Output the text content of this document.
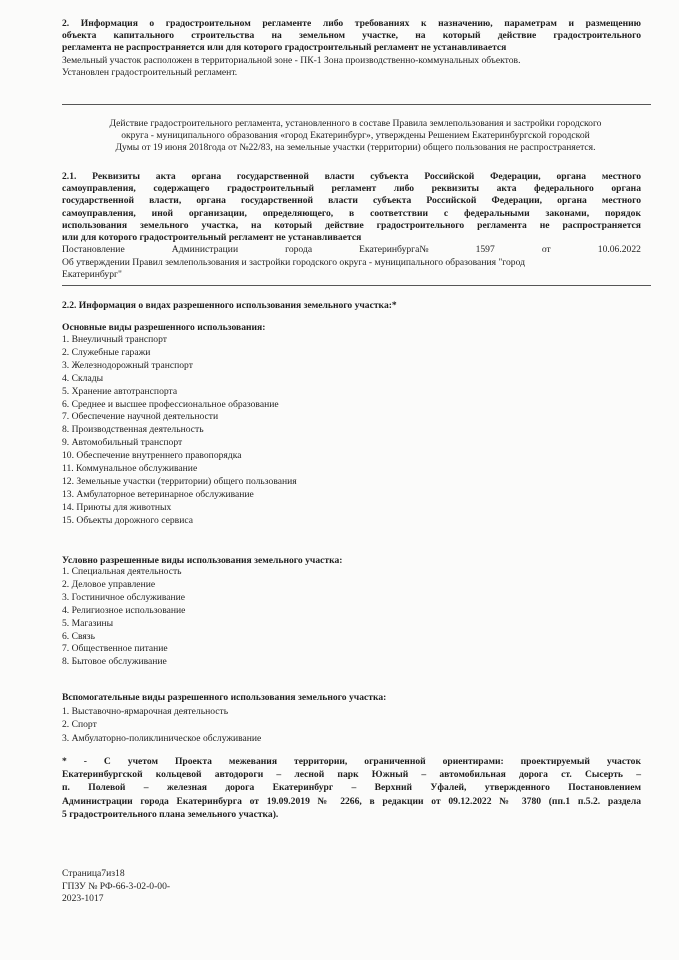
2. Информация о градостроительном регламенте либо требованиях к назначению, параметрам и размещению
объекта капитального строительства на земельном участке, на который действие градостроительного
регламента не распространяется или для которого градостроительный регламент не устанавливается
Земельный участок расположен в территориальной зоне - ПК-1 Зона производственно-коммунальных объектов.
Установлен градостроительный регламент.
Действие градостроительного регламента, установленного в составе Правила землепользования и застройки городского
округа - муниципального образования «город Екатеринбург», утверждены Решением Екатеринбургской городской
Думы от 19 июня 2018года от №22/83, на земельные участки (территории) общего пользования не распространяется.
2.1. Реквизиты акта органа государственной власти субъекта Российской Федерации, органа местного
самоуправления, содержащего градостроительный регламент либо реквизиты акта федерального органа
государственной власти, органа государственной власти субъекта Российской Федерации, органа местного
самоуправления, иной организации, определяющего, в соответствии с федеральными законами, порядок
использования земельного участка, на который действие градостроительного регламента не распространяется
или для которого градостроительный регламент не устанавливается
Постановление	Администрации	города	Екатеринбурга№	1597	от	10.06.2022
Об утверждении Правил землепользования и застройки городского округа - муниципального образования "город
Екатеринбург"
2.2. Информация о видах разрешенного использования земельного участка:*
Основные виды разрешенного использования:
1. Внеуличный транспорт
2. Служебные гаражи
3. Железнодорожный транспорт
4. Склады
5. Хранение автотранспорта
6. Среднее и высшее профессиональное образование
7. Обеспечение научной деятельности
8. Производственная деятельность
9. Автомобильный транспорт
10. Обеспечение внутреннего правопорядка
11. Коммунальное обслуживание
12. Земельные участки (территории) общего пользования
13. Амбулаторное ветеринарное обслуживание
14. Приюты для животных
15. Объекты дорожного сервиса
Условно разрешенные виды использования земельного участка:
1. Специальная деятельность
2. Деловое управление
3. Гостиничное обслуживание
4. Религиозное использование
5. Магазины
6. Связь
7. Общественное питание
8. Бытовое обслуживание
Вспомогательные виды разрешенного использования земельного участка:
1. Выставочно-ярмарочная деятельность
2. Спорт
3. Амбулаторно-поликлиническое обслуживание
* - С учетом Проекта межевания территории, ограниченной ориентирами: проектируемый участок
Екатеринбургской кольцевой автодороги – лесной парк Южный – автомобильная дорога ст. Сысерть –
п. Полевой – железная дорога Екатеринбург – Верхний Уфалей, утвержденного Постановлением
Администрации города Екатеринбурга от 19.09.2019 № 2266, в редакции от 09.12.2022 № 3780 (пп.1 п.5.2. раздела
5 градостроительного плана земельного участка).
Страница7из18
ГПЗУ № РФ-66-3-02-0-00-
2023-1017
